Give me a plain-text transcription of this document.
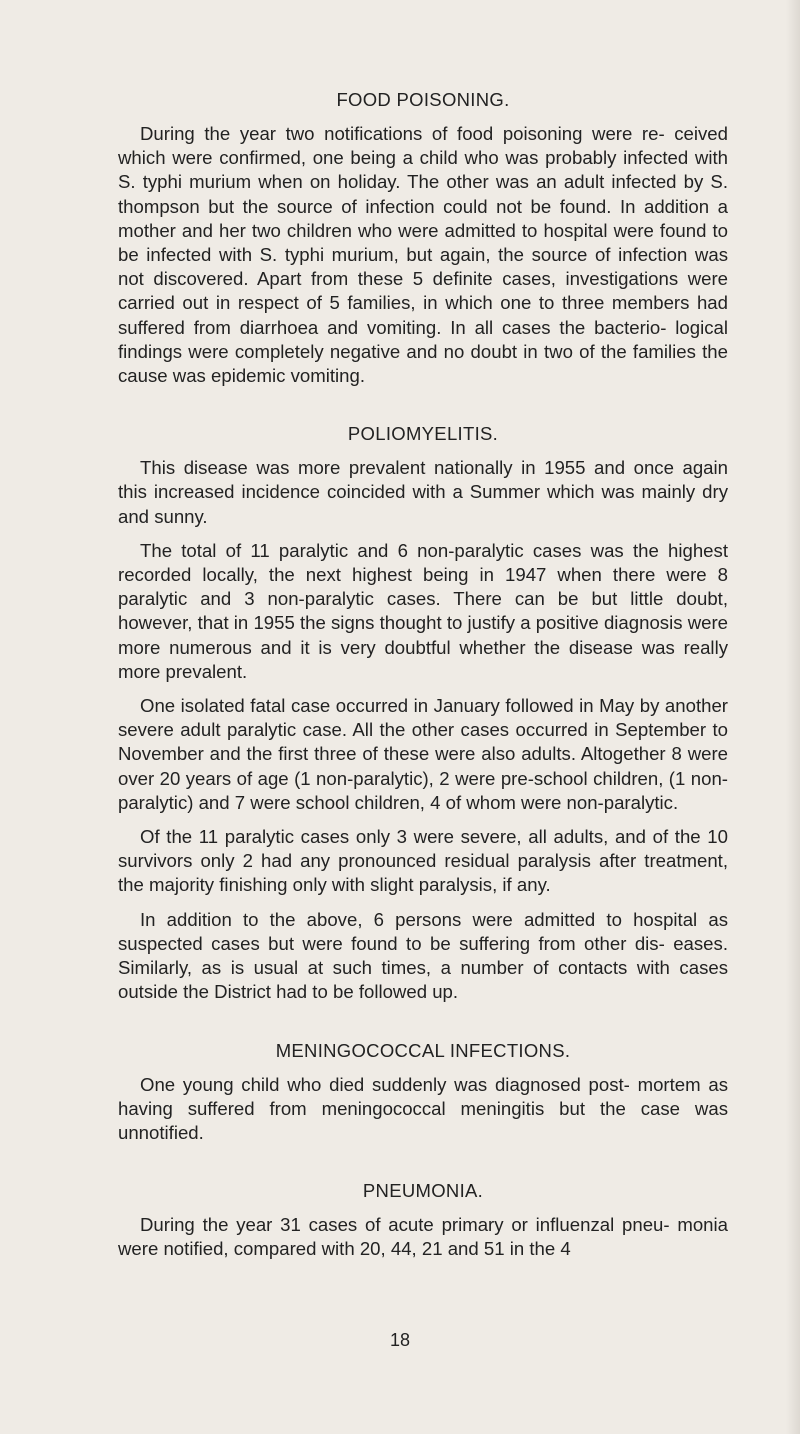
FOOD POISONING.

During the year two notifications of food poisoning were re- ceived which were confirmed, one being a child who was probably infected with S. typhi murium when on holiday. The other was an adult infected by S. thompson but the source of infection could not be found. In addition a mother and her two children who were admitted to hospital were found to be infected with S. typhi murium, but again, the source of infection was not discovered. Apart from these 5 definite cases, investigations were carried out in respect of 5 families, in which one to three members had suffered from diarrhoea and vomiting. In all cases the bacterio- logical findings were completely negative and no doubt in two of the families the cause was epidemic vomiting.

POLIOMYELITIS.

This disease was more prevalent nationally in 1955 and once again this increased incidence coincided with a Summer which was mainly dry and sunny.

The total of 11 paralytic and 6 non-paralytic cases was the highest recorded locally, the next highest being in 1947 when there were 8 paralytic and 3 non-paralytic cases. There can be but little doubt, however, that in 1955 the signs thought to justify a positive diagnosis were more numerous and it is very doubtful whether the disease was really more prevalent.

One isolated fatal case occurred in January followed in May by another severe adult paralytic case. All the other cases occurred in September to November and the first three of these were also adults. Altogether 8 were over 20 years of age (1 non-paralytic), 2 were pre-school children, (1 non-paralytic) and 7 were school children, 4 of whom were non-paralytic.

Of the 11 paralytic cases only 3 were severe, all adults, and of the 10 survivors only 2 had any pronounced residual paralysis after treatment, the majority finishing only with slight paralysis, if any.

In addition to the above, 6 persons were admitted to hospital as suspected cases but were found to be suffering from other dis- eases. Similarly, as is usual at such times, a number of contacts with cases outside the District had to be followed up.

MENINGOCOCCAL INFECTIONS.

One young child who died suddenly was diagnosed post- mortem as having suffered from meningococcal meningitis but the case was unnotified.

PNEUMONIA.

During the year 31 cases of acute primary or influenzal pneu- monia were notified, compared with 20, 44, 21 and 51 in the 4

18
